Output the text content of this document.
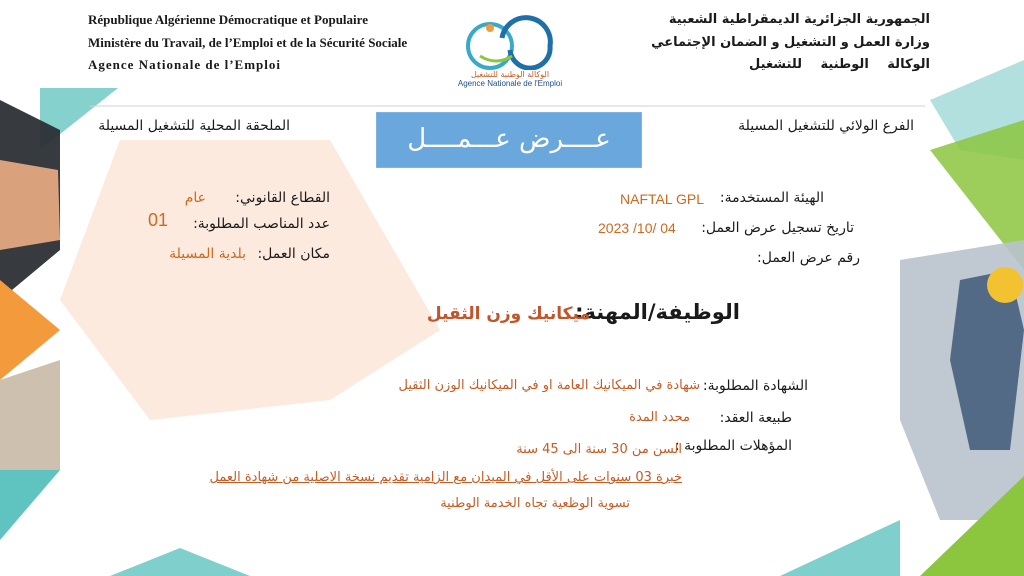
République Algérienne Démocratique et Populaire
Ministère du Travail, de l’Emploi et de la Sécurité Sociale
Agence Nationale de l’Emploi
الوكالة الوطنية للتشغيل
Agence Nationale de l'Emploi
الجمهورية الجزائرية الديمقراطية الشعبية
وزارة العمل و التشغيل و الضمان الإجتماعي
الوكالة الوطنية للتشغيل
الفرع الولائي للتشغيل المسيلة
الملحقة المحلية للتشغيل المسيلة	عــــرض عـــمــــل
الهيئة المستخدمة:
NAFTAL GPL
تاريخ تسجيل عرض العمل:
2023 /10/ 04
رقم عرض العمل:
القطاع القانوني:
عام
عدد المناصب المطلوبة:
01
مكان العمل:
بلدية المسيلة
الوظيفة/المهنة:
ميكانيك وزن الثقيل
الشهادة المطلوبة:
شهادة في الميكانيك العامة او في الميكانيك الوزن الثقيل
طبيعة العقد:
محدد المدة
المؤهلات المطلوبة :
السن من 30 سنة الى 45 سنة
خبرة 03 سنوات على الأقل في الميدان مع الزامية تقديم نسخة الاصلية من شهادة العمل
تسوية الوظعية تجاه الخدمة الوطنية
